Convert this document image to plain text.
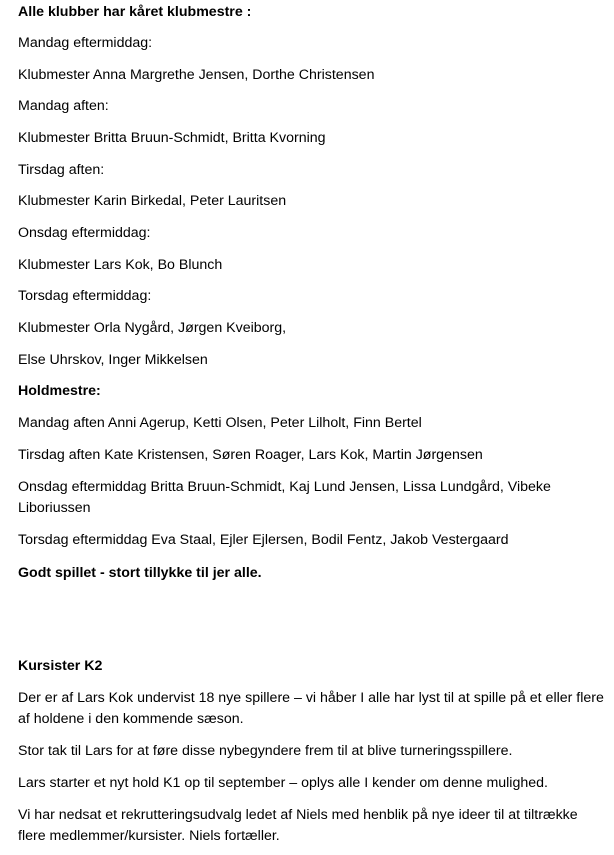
Alle klubber har kåret klubmestre :
Mandag eftermiddag:
Klubmester Anna Margrethe Jensen, Dorthe Christensen
Mandag aften:
Klubmester Britta Bruun-Schmidt, Britta Kvorning
Tirsdag aften:
Klubmester Karin Birkedal, Peter Lauritsen
Onsdag eftermiddag:
Klubmester Lars Kok, Bo Blunch
Torsdag eftermiddag:
Klubmester Orla Nygård, Jørgen Kveiborg,
Else Uhrskov, Inger Mikkelsen
Holdmestre:
Mandag aften Anni Agerup, Ketti Olsen, Peter Lilholt, Finn Bertel
Tirsdag aften Kate Kristensen, Søren Roager, Lars Kok, Martin Jørgensen
Onsdag eftermiddag Britta Bruun-Schmidt, Kaj Lund Jensen, Lissa Lundgård, Vibeke Liboriussen
Torsdag eftermiddag Eva Staal, Ejler Ejlersen, Bodil Fentz, Jakob Vestergaard
Godt spillet - stort tillykke til jer alle.
Kursister K2
Der er af Lars Kok undervist 18 nye spillere – vi håber I alle har lyst til at spille på et eller flere af holdene i den kommende sæson.
Stor tak til Lars for at føre disse nybegyndere frem til at blive turneringsspillere.
Lars starter et nyt hold K1 op til september – oplys alle I kender om denne mulighed.
Vi har nedsat et rekrutteringsudvalg ledet af Niels med henblik på nye ideer til at tiltrække flere medlemmer/kursister. Niels fortæller.
